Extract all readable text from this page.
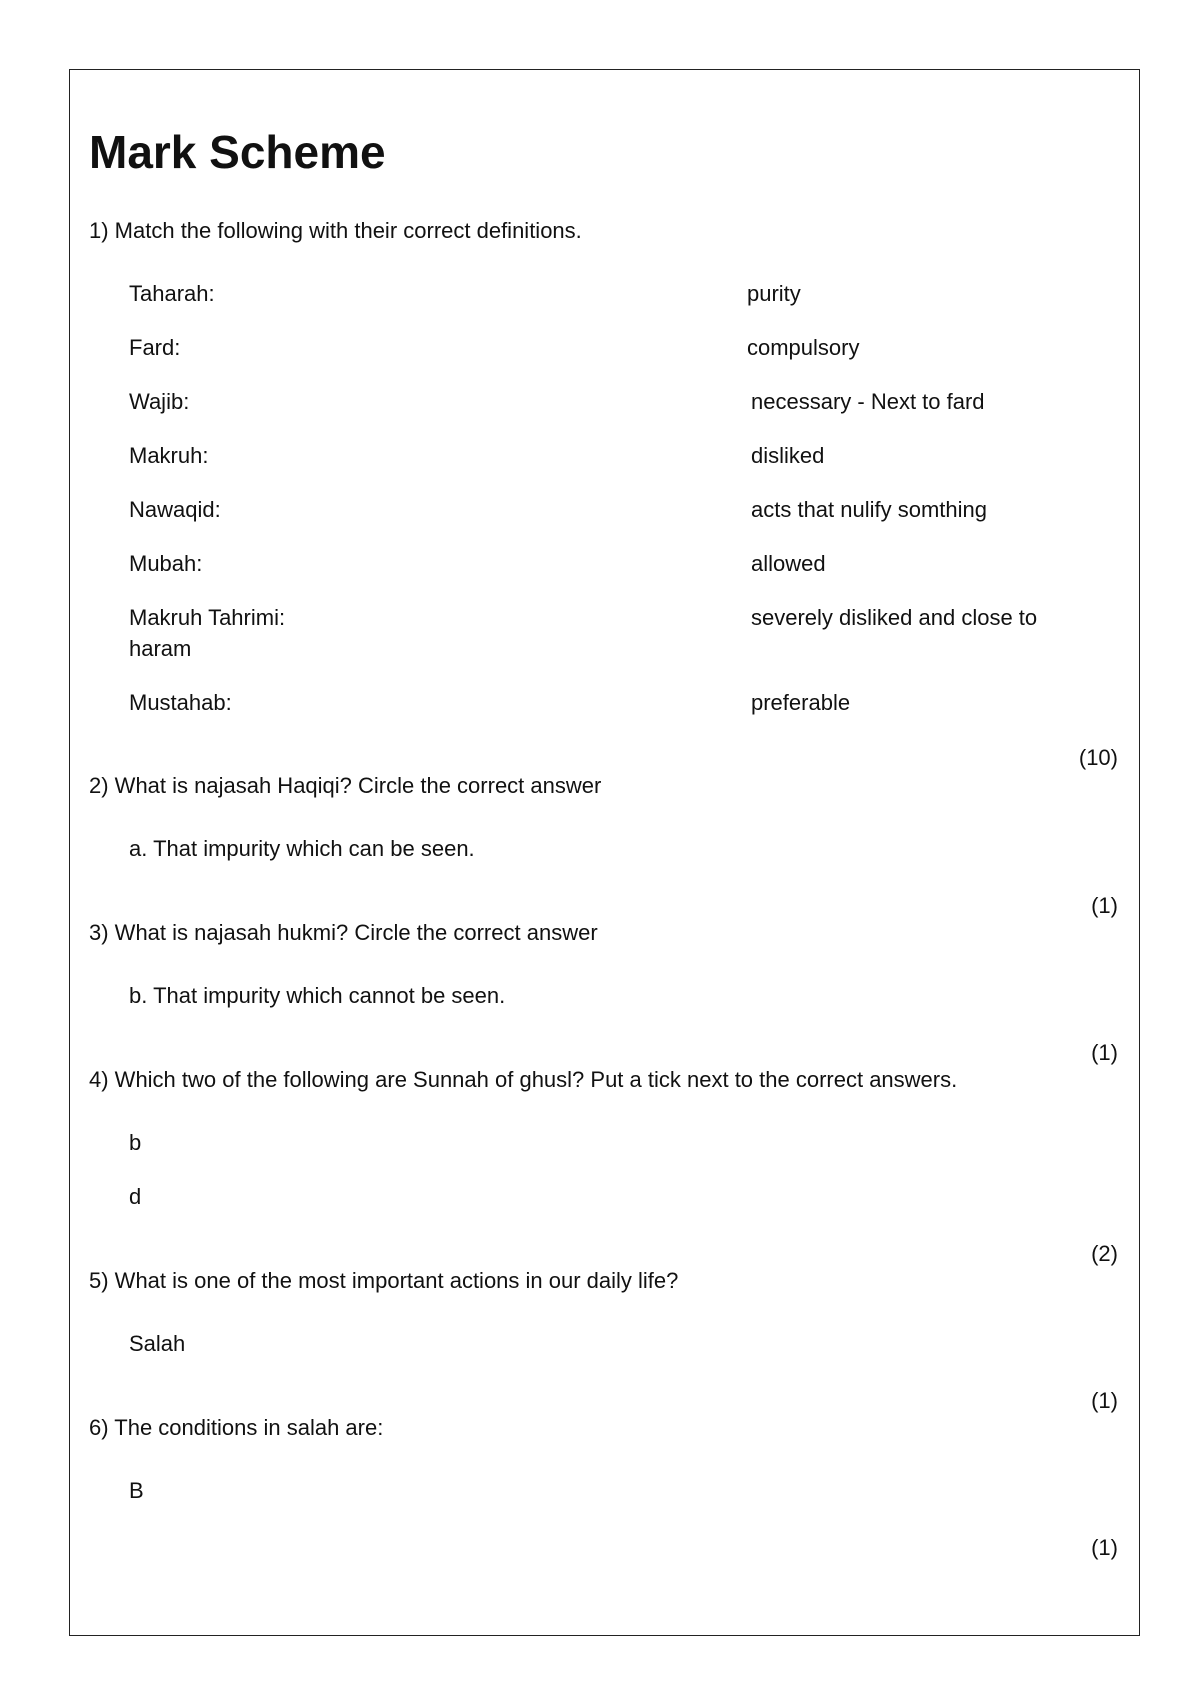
Mark Scheme
1) Match the following with their correct definitions.
Taharah:	purity
Fard:	compulsory
Wajib:	necessary - Next to fard
Makruh:	disliked
Nawaqid:	acts that nulify somthing
Mubah:	allowed
Makruh Tahrimi:	severely disliked and close to
haram
Mustahab:	preferable
(10)
2) What is najasah Haqiqi? Circle the correct answer
a. That impurity which can be seen.
(1)
3) What is najasah hukmi? Circle the correct answer
b. That impurity which cannot be seen.
(1)
4) Which two of the following are Sunnah of ghusl? Put a tick next to the correct answers.
b
d
(2)
5) What is one of the most important actions in our daily life?
Salah
(1)
6) The conditions in salah are:
B
(1)
